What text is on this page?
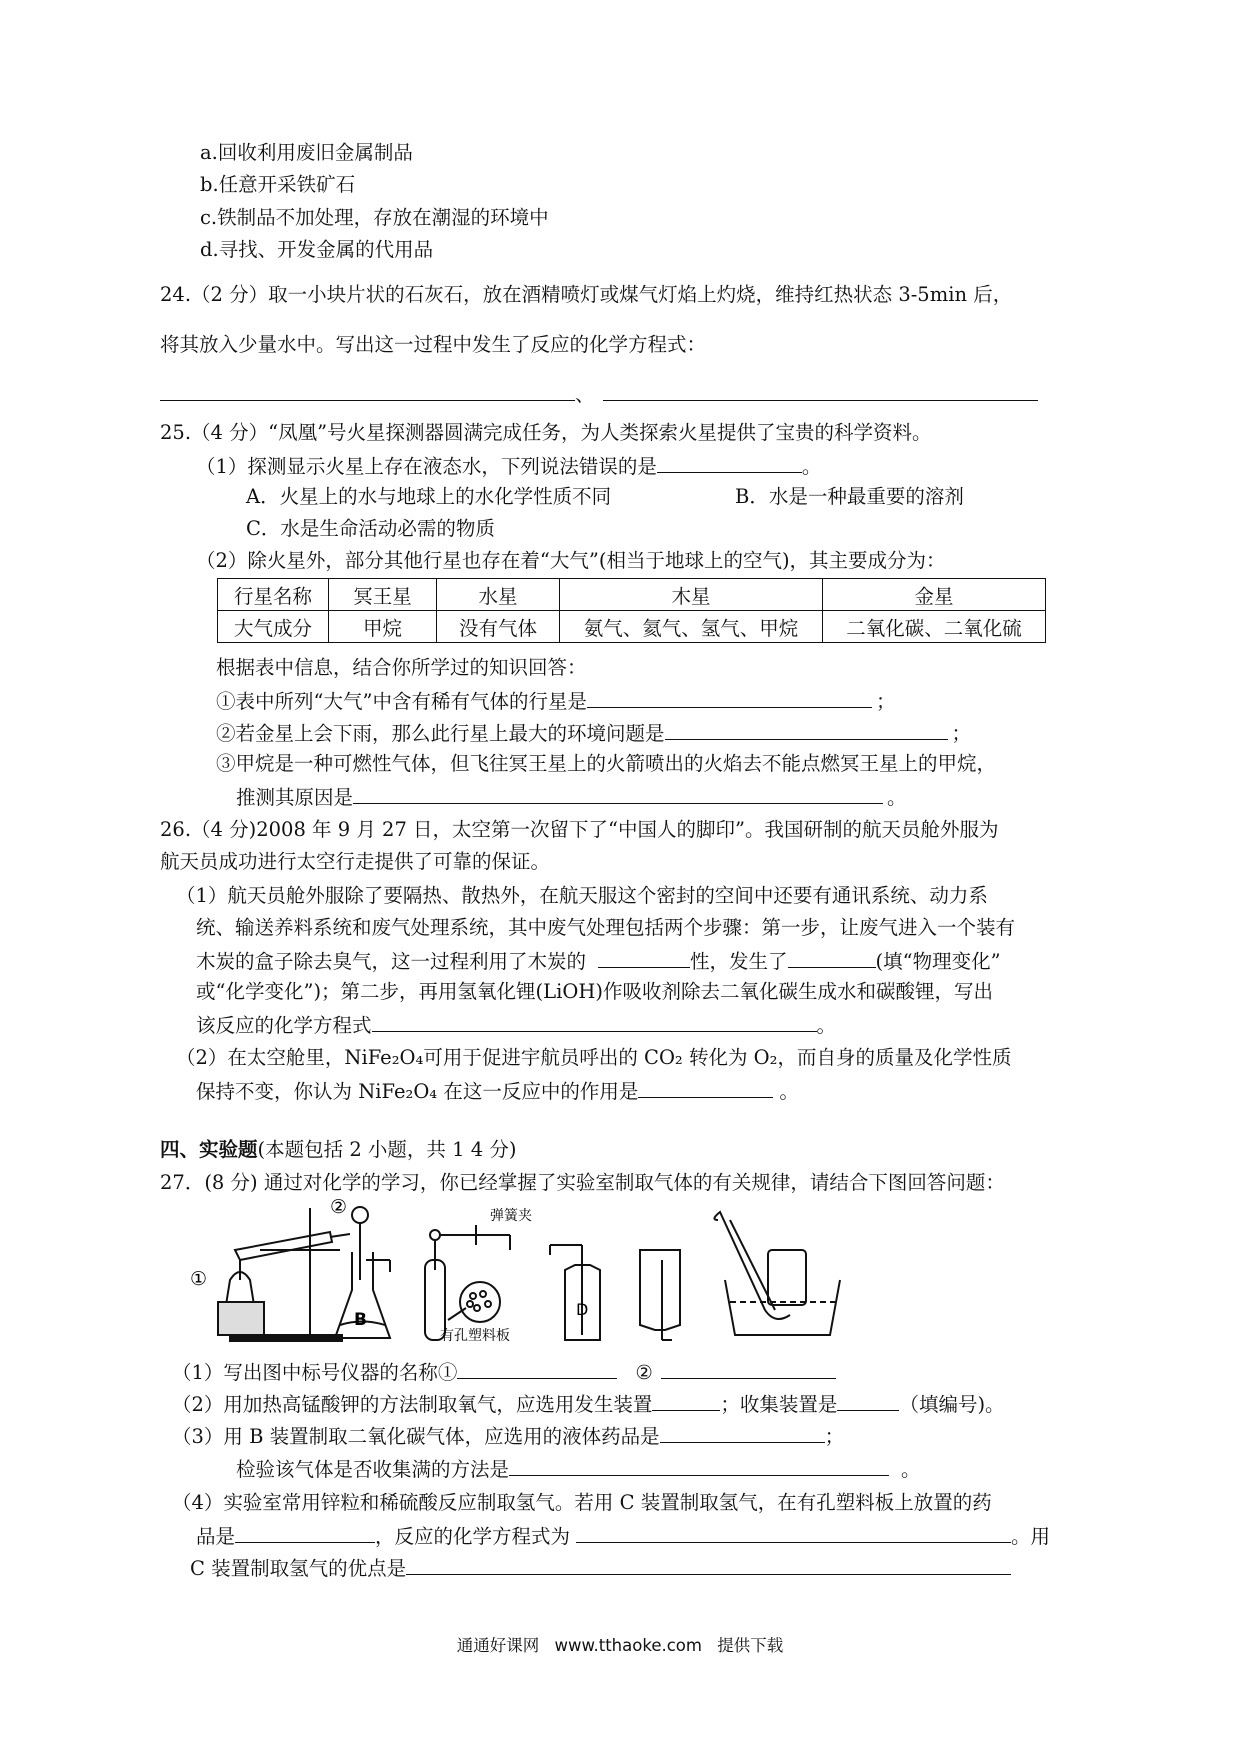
a.回收利用废旧金属制品
b.任意开采铁矿石
c.铁制品不加处理，存放在潮湿的环境中
d.寻找、开发金属的代用品
24.（2 分）取一小块片状的石灰石，放在酒精喷灯或煤气灯焰上灼烧，维持红热状态 3-5min 后，
将其放入少量水中。写出这一过程中发生了反应的化学方程式：
、
25.（4 分）“凤凰”号火星探测器圆满完成任务，为人类探索火星提供了宝贵的科学资料。
（1）探测显示火星上存在液态水，下列说法错误的是	。
A．火星上的水与地球上的水化学性质不同	B．水是一种最重要的溶剂
C．水是生命活动必需的物质
（2）除火星外，部分其他行星也存在着“大气”(相当于地球上的空气)，其主要成分为：
行星名称	冥王星	水星	木星	金星
大气成分	甲烷	没有气体	氨气、氦气、氢气、甲烷	二氧化碳、二氧化硫
根据表中信息，结合你所学过的知识回答：
①表中所列“大气”中含有稀有气体的行星是	；
②若金星上会下雨，那么此行星上最大的环境问题是	；
③甲烷是一种可燃性气体，但飞往冥王星上的火箭喷出的火焰去不能点燃冥王星上的甲烷，
推测其原因是	。
26.（4 分)2008 年 9 月 27 日，太空第一次留下了“中国人的脚印”。我国研制的航天员舱外服为
航天员成功进行太空行走提供了可靠的保证。
（1）航天员舱外服除了要隔热、散热外，在航天服这个密封的空间中还要有通讯系统、动力系
统、输送养料系统和废气处理系统，其中废气处理包括两个步骤：第一步，让废气进入一个装有
木炭的盒子除去臭气，这一过程利用了木炭的	性，发生了	(填“物理变化”
或“化学变化”)；第二步，再用氢氧化锂(LiOH)作吸收剂除去二氧化碳生成水和碳酸锂，写出
该反应的化学方程式	。
（2）在太空舱里，NiFe₂O₄可用于促进宇航员呼出的 CO₂ 转化为 O₂，而自身的质量及化学性质
保持不变，你认为 NiFe₂O₄ 在这一反应中的作用是	。
四、实验题(本题包括 2 小题，共 1 4 分)
27．(8 分) 通过对化学的学习，你已经掌握了实验室制取气体的有关规律，请结合下图回答问题：
①
②
B
D
弹簧夹
有孔塑料板
（1）写出图中标号仪器的名称①	②
（2）用加热高锰酸钾的方法制取氧气，应选用发生装置	；收集装置是	（填编号)。
（3）用 B 装置制取二氧化碳气体，应选用的液体药品是	；
检验该气体是否收集满的方法是	。
（4）实验室常用锌粒和稀硫酸反应制取氢气。若用 C 装置制取氢气，在有孔塑料板上放置的药
品是	，反应的化学方程式为	。用
C 装置制取氢气的优点是
通通好课网 www.tthaoke.com 提供下载
